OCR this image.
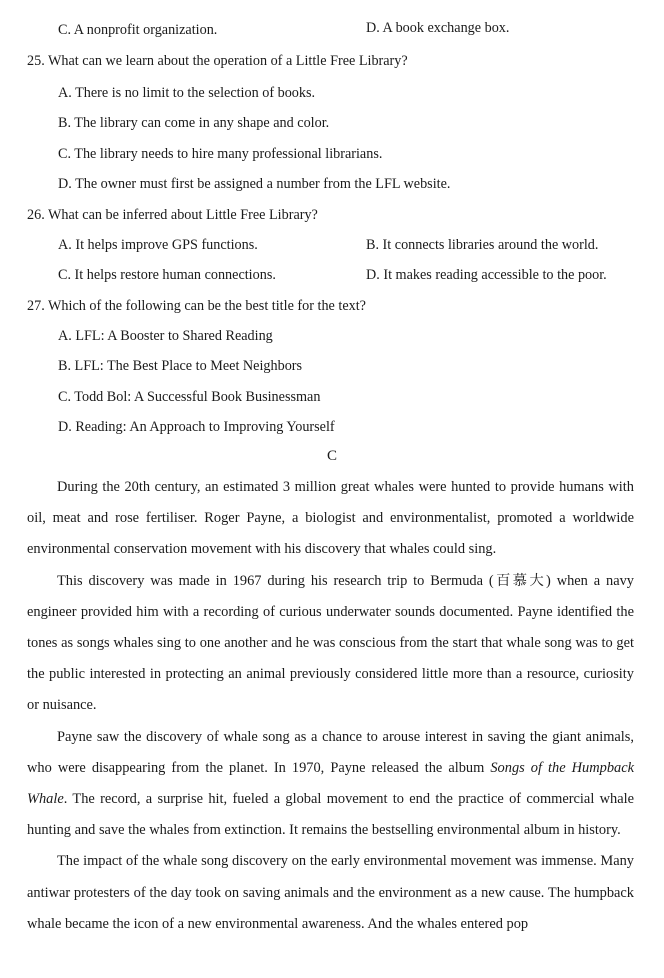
C. A nonprofit organization.	D. A book exchange box.
25. What can we learn about the operation of a Little Free Library?
A. There is no limit to the selection of books.
B. The library can come in any shape and color.
C. The library needs to hire many professional librarians.
D. The owner must first be assigned a number from the LFL website.
26. What can be inferred about Little Free Library?
A. It helps improve GPS functions.	B. It connects libraries around the world.
C. It helps restore human connections.	D. It makes reading accessible to the poor.
27. Which of the following can be the best title for the text?
A. LFL: A Booster to Shared Reading
B. LFL: The Best Place to Meet Neighbors
C. Todd Bol: A Successful Book Businessman
D. Reading: An Approach to Improving Yourself
C

During the 20th century, an estimated 3 million great whales were hunted to provide humans with oil, meat and rose fertiliser. Roger Payne, a biologist and environmentalist, promoted a worldwide environmental conservation movement with his discovery that whales could sing.

This discovery was made in 1967 during his research trip to Bermuda (百慕大) when a navy engineer provided him with a recording of curious underwater sounds documented. Payne identified the tones as songs whales sing to one another and he was conscious from the start that whale song was to get the public interested in protecting an animal previously considered little more than a resource, curiosity or nuisance.

Payne saw the discovery of whale song as a chance to arouse interest in saving the giant animals, who were disappearing from the planet. In 1970, Payne released the album Songs of the Humpback Whale. The record, a surprise hit, fueled a global movement to end the practice of commercial whale hunting and save the whales from extinction. It remains the bestselling environmental album in history.

The impact of the whale song discovery on the early environmental movement was immense. Many antiwar protesters of the day took on saving animals and the environment as a new cause. The humpback whale became the icon of a new environmental awareness. And the whales entered pop
